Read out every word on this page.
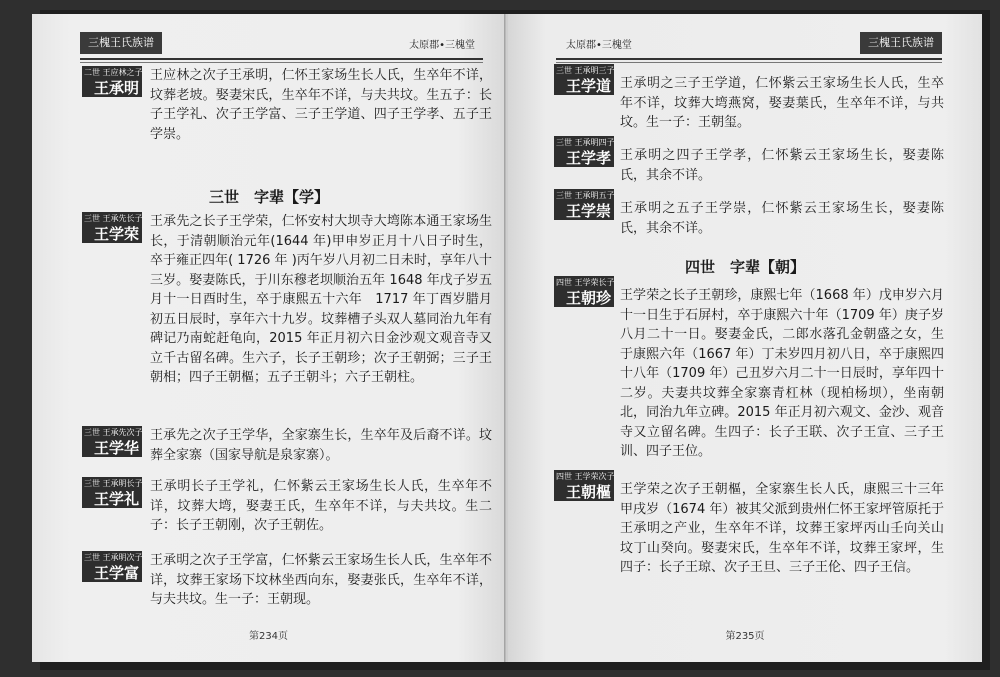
三槐王氏族谱	太原郡•三槐堂
二世 王应林之子
王承明
王应林之次子王承明，仁怀王家场生长人氏，生卒年不详，坟葬老坡。娶妻宋氏，生卒年不详，与夫共坟。生五子：长子王学礼、次子王学富、三子王学道、四子王学孝、五子王学崇。
三世　字辈【学】
三世 王承先长子
王学荣
王承先之长子王学荣，仁怀安村大坝寺大塆陈本通王家场生长，于清朝顺治元年(1644 年)甲申岁正月十八日子时生，卒于雍正四年( 1726 年 )丙午岁八月初二日未时，享年八十三岁。娶妻陈氏，于川东穆老坝顺治五年 1648 年戊子岁五月十一日酉时生，卒于康熙五十六年　1717 年丁酉岁腊月初五日辰时，享年六十九岁。坟葬槽子头双人墓同治九年有碑记乃南蛇赶龟向，2015 年正月初六日金沙观文观音寺又立千古留名碑。生六子，长子王朝珍；次子王朝弼；三子王朝相；四子王朝樞；五子王朝斗；六子王朝柱。
三世 王承先次子
王学华
王承先之次子王学华，全家寨生长，生卒年及后裔不详。坟葬全家寨（国家导航是泉家寨）。
三世 王承明长子
王学礼
王承明长子王学礼，仁怀紫云王家场生长人氏，生卒年不详，坟葬大塆，娶妻王氏，生卒年不详，与夫共坟。生二子：长子王朝刚，次子王朝佐。
三世 王承明次子
王学富
王承明之次子王学富，仁怀紫云王家场生长人氏，生卒年不详，坟葬王家场下坟林坐西向东，娶妻张氏，生卒年不详，与夫共坟。生一子：王朝现。
第234页
太原郡•三槐堂	三槐王氏族谱
三世 王承明三子
王学道 王承明之三子王学道，仁怀紫云王家场生长人氏，生卒年不详，坟葬大塆燕窝，娶妻葉氏，生卒年不详，与共坟。生一子：王朝玺。
三世 王承明四子
王学孝 王承明之四子王学孝，仁怀紫云王家场生长，娶妻陈氏，其余不详。
三世 王承明五子
王学崇 王承明之五子王学崇，仁怀紫云王家场生长，娶妻陈氏，其余不详。
四世　字辈【朝】
四世 王学荣长子
王朝珍 王学荣之长子王朝珍，康熙七年（1668 年）戊申岁六月十一日生于石屏村，卒于康熙六十年（1709 年）庚子岁八月二十一日。娶妻金氏，二郎水落孔金朝盛之女，生于康熙六年（1667 年）丁未岁四月初八日，卒于康熙四十八年（1709 年）己丑岁六月二十一日辰时，享年四十二岁。夫妻共坟葬全家寨青杠林（现柏杨坝），坐南朝北，同治九年立碑。2015 年正月初六观文、金沙、观音寺又立留名碑。生四子：长子王联、次子王宣、三子王训、四子王位。
四世 王学荣次子
王朝樞 王学荣之次子王朝樞，全家寨生长人氏，康熙三十三年甲戌岁（1674 年）被其父派到贵州仁怀王家坪管原托于王承明之产业，生卒年不详，坟葬王家坪丙山壬向关山坟丁山癸向。娶妻宋氏，生卒年不详，坟葬王家坪，生四子：长子王琼、次子王旦、三子王伦、四子王信。
第235页
